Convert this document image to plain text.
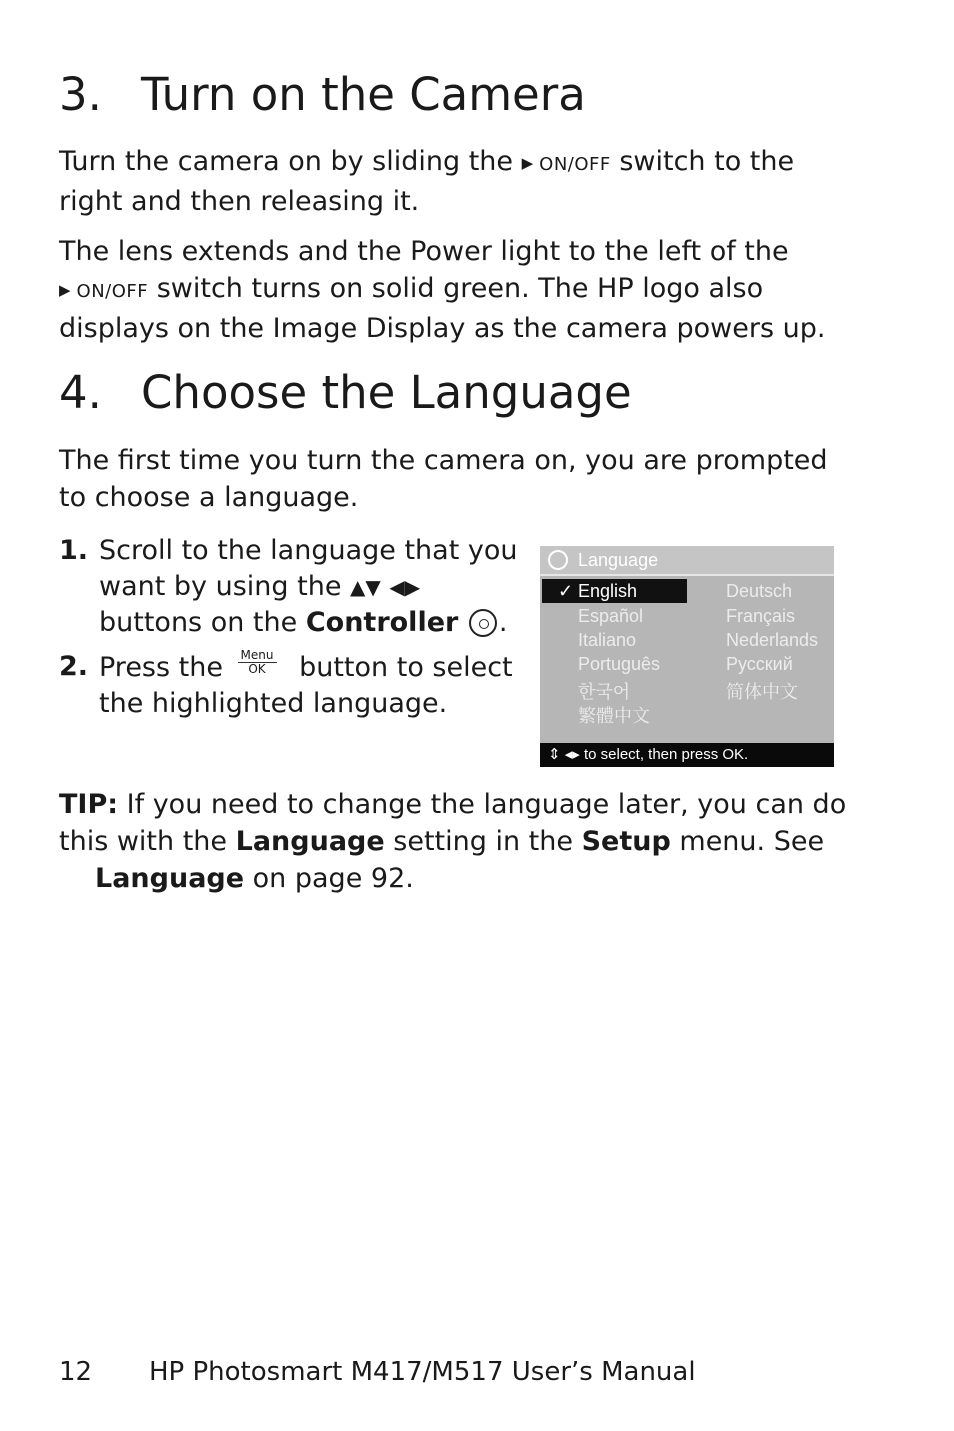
3. Turn on the Camera

Turn the camera on by sliding the ▶ ON/OFF switch to the right and then releasing it.

The lens extends and the Power light to the left of the
▶ ON/OFF switch turns on solid green. The HP logo also displays on the Image Display as the camera powers up.

4. Choose the Language

The first time you turn the camera on, you are prompted to choose a language.

1. Scroll to the language that you want by using the ▲▼ ◀▶ buttons on the Controller .
2. Press the Menu
OK	button to select the highlighted language.
Language
✓ English
Español
Italiano
Português
한국어
繁體中文
Deutsch
Français
Nederlands
Русский
简体中文
⇕ ◂▸ to select, then press OK.

TIP: If you need to change the language later, you can do this with the Language setting in the Setup menu. See
Language on page 92.

12 HP Photosmart M417/M517 User’s Manual
